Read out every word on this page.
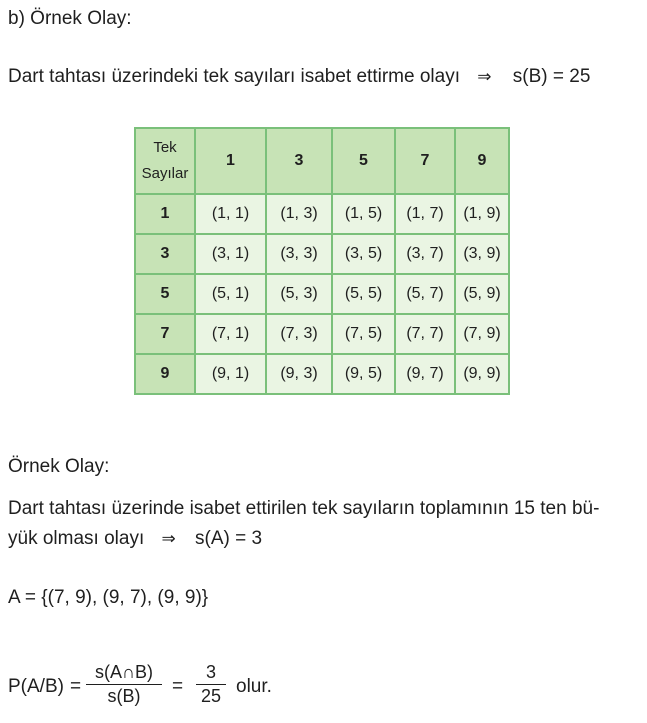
b) Örnek Olay:
Dart tahtası üzerindeki tek sayıları isabet ettirme olayı ⇒ s(B) = 25
Tek
Sayılar	1	3	5	7	9
1	(1, 1)	(1, 3)	(1, 5)	(1, 7)	(1, 9)
3	(3, 1)	(3, 3)	(3, 5)	(3, 7)	(3, 9)
5	(5, 1)	(5, 3)	(5, 5)	(5, 7)	(5, 9)
7	(7, 1)	(7, 3)	(7, 5)	(7, 7)	(7, 9)
9	(9, 1)	(9, 3)	(9, 5)	(9, 7)	(9, 9)
Örnek Olay:
Dart tahtası üzerinde isabet ettirilen tek sayıların toplamının 15 ten bü-
yük olması olayı ⇒ s(A) = 3
A = {(7, 9), (9, 7), (9, 9)}
P(A/B) =
s(A∩B)
s(B)	=
3
25 olur.
